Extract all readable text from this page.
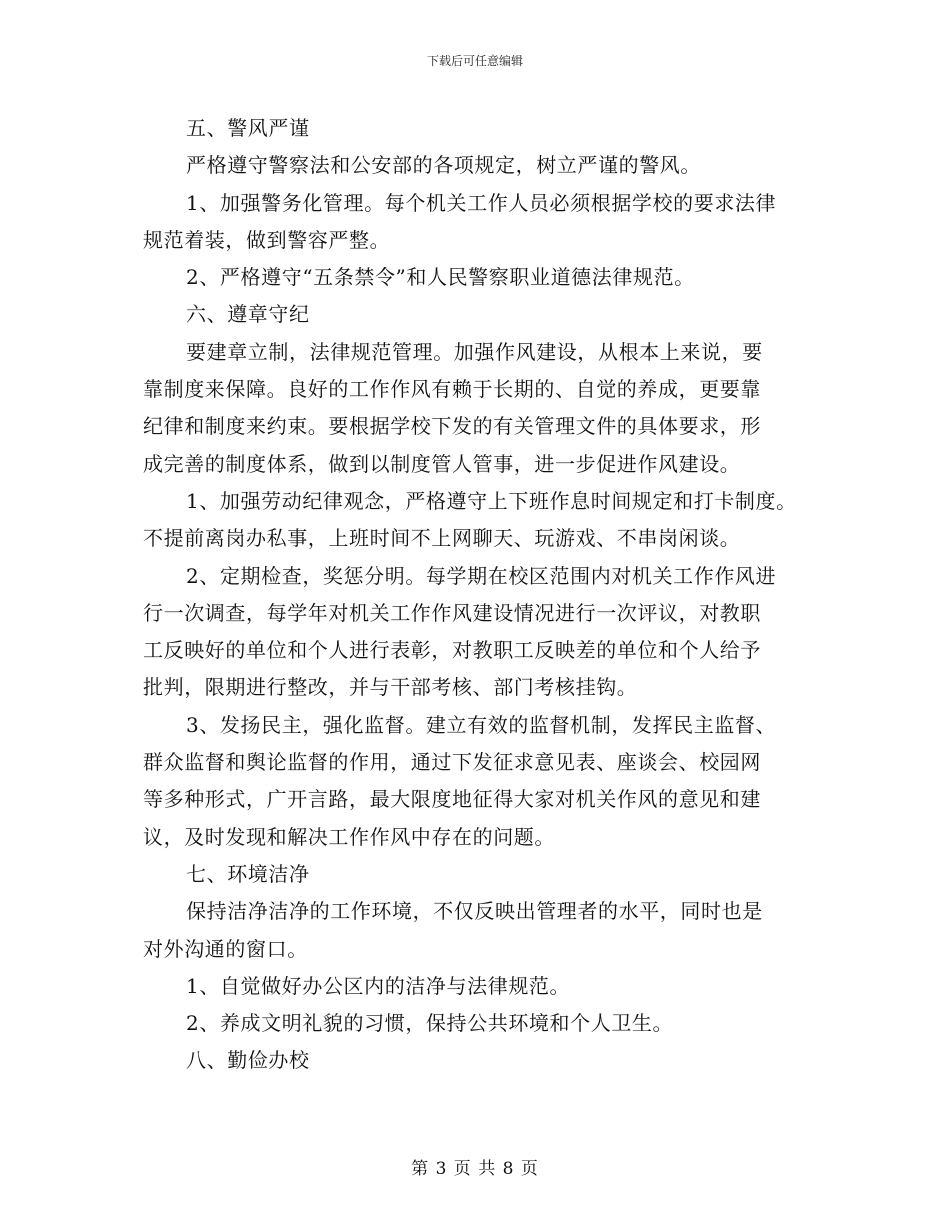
下载后可任意编辑
五、警风严谨
严格遵守警察法和公安部的各项规定，树立严谨的警风。
1、加强警务化管理。每个机关工作人员必须根据学校的要求法律
规范着装，做到警容严整。
2、严格遵守“五条禁令”和人民警察职业道德法律规范。
六、遵章守纪
要建章立制，法律规范管理。加强作风建设，从根本上来说，要
靠制度来保障。良好的工作作风有赖于长期的、自觉的养成，更要靠
纪律和制度来约束。要根据学校下发的有关管理文件的具体要求，形
成完善的制度体系，做到以制度管人管事，进一步促进作风建设。
1、加强劳动纪律观念，严格遵守上下班作息时间规定和打卡制度。
不提前离岗办私事，上班时间不上网聊天、玩游戏、不串岗闲谈。
2、定期检查，奖惩分明。每学期在校区范围内对机关工作作风进
行一次调查，每学年对机关工作作风建设情况进行一次评议，对教职
工反映好的单位和个人进行表彰，对教职工反映差的单位和个人给予
批判，限期进行整改，并与干部考核、部门考核挂钩。
3、发扬民主，强化监督。建立有效的监督机制，发挥民主监督、
群众监督和舆论监督的作用，通过下发征求意见表、座谈会、校园网
等多种形式，广开言路，最大限度地征得大家对机关作风的意见和建
议，及时发现和解决工作作风中存在的问题。
七、环境洁净
保持洁净洁净的工作环境，不仅反映出管理者的水平，同时也是
对外沟通的窗口。
1、自觉做好办公区内的洁净与法律规范。
2、养成文明礼貌的习惯，保持公共环境和个人卫生。
八、勤俭办校
第 3 页 共 8 页
